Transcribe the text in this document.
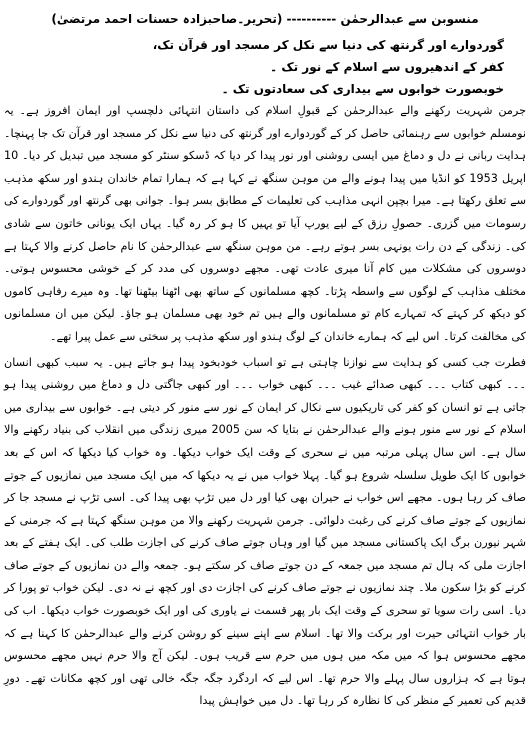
منسوبن سے عبدالرحمٰن ---------- (تحریر۔صاحبزادہ حسنات احمد مرتضیٰ)
گوردوارے اور گرنتھ کی دنیا سے نکل کر مسجد اور قرآن تک،
کفر کے اندھیروں سے اسلام کے نور تک ۔
خوبصورت خوابوں سے بیداری کی سعادتوں تک ۔

جرمن شہریت رکھنے والے عبدالرحمٰن کے قبولِ اسلام کی داستان انتہائی دلچسپ اور ایمان افروز ہے۔ یہ نومسلم خوابوں سے رہنمائی حاصل کر کے گوردوارے اور گرنتھ کی دنیا سے نکل کر مسجد اور قرآن تک جا پہنچا۔ ہدایت ربانی نے دل و دماغ میں ایسی روشنی اور نور پیدا کر دیا کہ ڈسکو سنٹر کو مسجد میں تبدیل کر دیا۔ 10 اپریل 1953 کو انڈیا میں پیدا ہونے والے من موہن سنگھ نے کہا ہے کہ ہمارا تمام خاندان ہندو اور سکھ مذہب سے تعلق رکھتا ہے۔ میرا بچپن انہی مذاہب کی تعلیمات کے مطابق بسر ہوا۔ جوانی بھی گرنتھ اور گوردوارے کی رسومات میں گزری۔ حصولِ رزق کے لیے یورپ آیا تو یہیں کا ہو کر رہ گیا۔ یہاں ایک یونانی خاتون سے شادی کی۔ زندگی کے دن رات یونہی بسر ہوتے رہے۔ من موہن سنگھ سے عبدالرحمٰن کا نام حاصل کرنے والا کہتا ہے دوسروں کی مشکلات میں کام آنا میری عادت تھی۔ مجھے دوسروں کی مدد کر کے خوشی محسوس ہوتی۔ مختلف مذاہب کے لوگوں سے واسطہ پڑتا۔ کچھ مسلمانوں کے ساتھ بھی اٹھنا بیٹھنا تھا۔ وہ میرے رفاہی کاموں کو دیکھ کر کہتے کہ تمہارے کام تو مسلمانوں والے ہیں تم خود بھی مسلمان ہو جاؤ۔ لیکن میں ان مسلمانوں کی مخالفت کرتا۔ اس لیے کہ ہمارے خاندان کے لوگ ہندو اور سکھ مذہب پر سختی سے عمل پیرا تھے۔

فطرت جب کسی کو ہدایت سے نوازنا چاہتی ہے تو اسباب خودبخود پیدا ہو جاتے ہیں۔ یہ سبب کبھی انسان ۔۔۔ کبھی کتاب ۔۔۔ کبھی صدائے غیب ۔۔۔ کبھی خواب ۔۔۔ اور کبھی جاگتی دل و دماغ میں روشنی پیدا ہو جاتی ہے تو انسان کو کفر کی تاریکیوں سے نکال کر ایمان کے نور سے منور کر دیتی ہے۔ خوابوں سے بیداری میں اسلام کے نور سے منور ہونے والے عبدالرحمٰن نے بتایا کہ سن 2005 میری زندگی میں انقلاب کی بنیاد رکھنے والا سال ہے۔ اس سال پہلی مرتبہ میں نے سحری کے وقت ایک خواب دیکھا۔ وہ خواب کیا دیکھا کہ اس کے بعد خوابوں کا ایک طویل سلسلہ شروع ہو گیا۔ پہلا خواب میں نے یہ دیکھا کہ میں ایک مسجد میں نمازیوں کے جوتے صاف کر رہا ہوں۔ مجھے اس خواب نے حیران بھی کیا اور دل میں تڑپ بھی پیدا کی۔ اسی تڑپ نے مسجد جا کر نمازیوں کے جوتے صاف کرنے کی رغبت دلوائی۔ جرمن شہریت رکھنے والا من موہن سنگھ کہتا ہے کہ جرمنی کے شہر نیورن برگ ایک پاکستانی مسجد میں گیا اور وہاں جوتے صاف کرنے کی اجازت طلب کی۔ ایک ہفتے کے بعد اجازت ملی کہ ہال تم مسجد میں جمعہ کے دن جوتے صاف کر سکتے ہو۔ جمعہ والے دن نمازیوں کے جوتے صاف کرنے کو بڑا سکون ملا۔ چند نمازیوں نے جوتے صاف کرنے کی اجازت دی اور کچھ نے نہ دی۔ لیکن خواب تو پورا کر دیا۔ اسی رات سویا تو سحری کے وقت ایک بار پھر قسمت نے یاوری کی اور ایک خوبصورت خواب دیکھا۔ اب کی بار خواب انتہائی حیرت اور برکت والا تھا۔ اسلام سے اپنے سینے کو روشن کرنے والے عبدالرحمٰن کا کہنا ہے کہ مجھے محسوس ہوا کہ میں مکہ میں ہوں میں حرم سے قریب ہوں۔ لیکن آج والا حرم نہیں مجھے محسوس ہوتا ہے کہ ہزاروں سال پہلے والا حرم تھا۔ اس لیے کہ اردگرد جگہ جگہ خالی تھی اور کچھ مکانات تھے۔ دورِ قدیم کی تعمیر کے منظر کی کا نظارہ کر رہا تھا۔ دل میں خواہش پیدا
